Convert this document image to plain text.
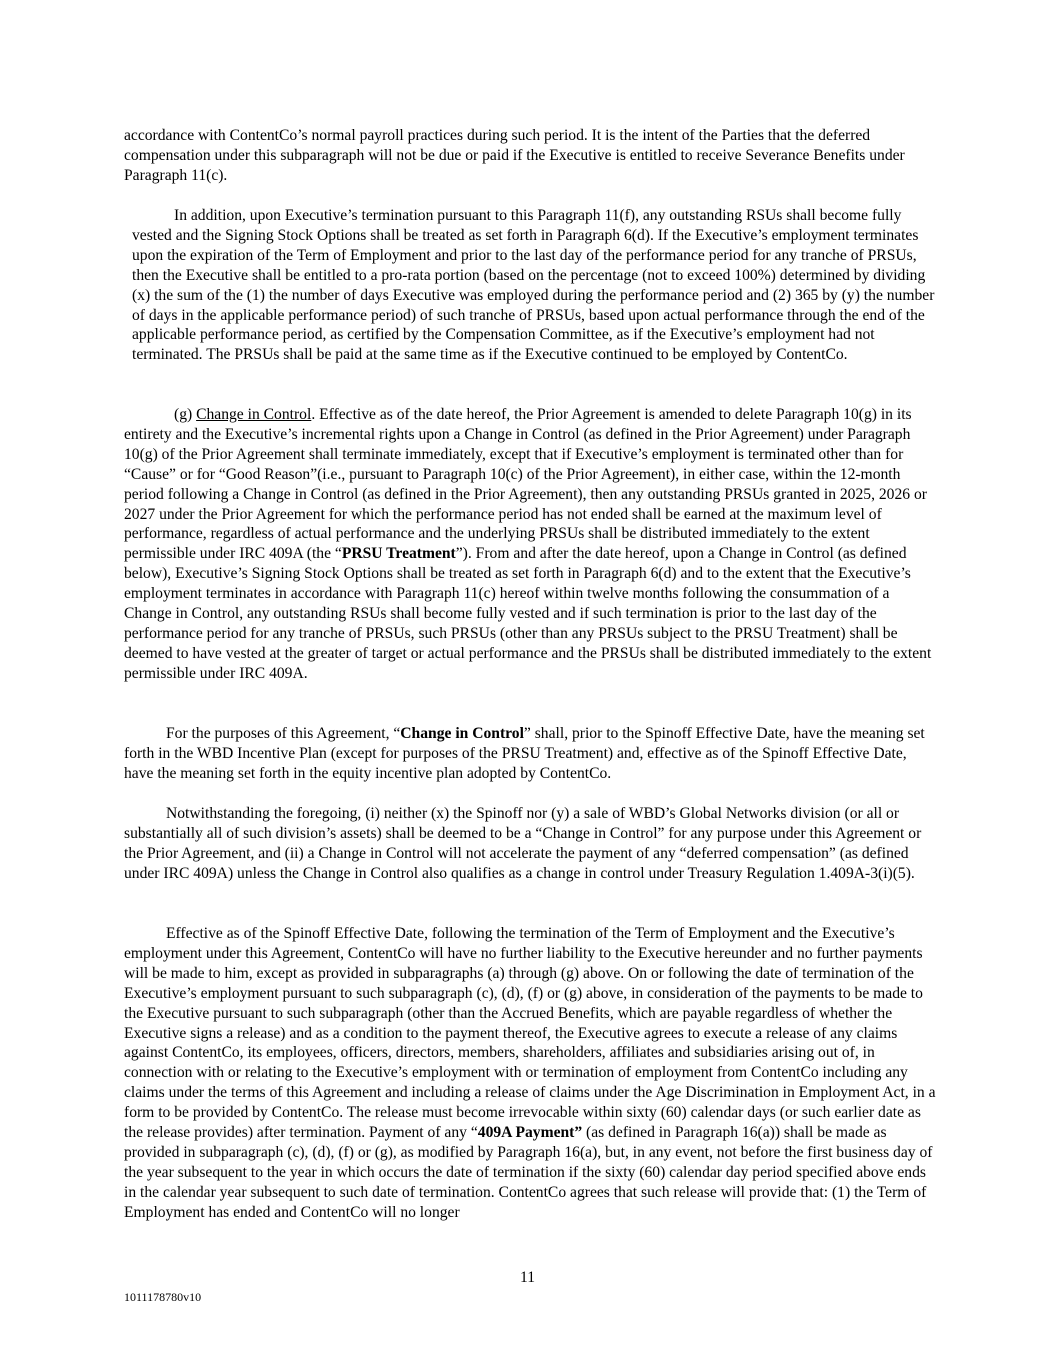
accordance with ContentCo’s normal payroll practices during such period. It is the intent of the Parties that the deferred compensation under this subparagraph will not be due or paid if the Executive is entitled to receive Severance Benefits under Paragraph 11(c).

In addition, upon Executive’s termination pursuant to this Paragraph 11(f), any outstanding RSUs shall become fully vested and the Signing Stock Options shall be treated as set forth in Paragraph 6(d). If the Executive’s employment terminates upon the expiration of the Term of Employment and prior to the last day of the performance period for any tranche of PRSUs, then the Executive shall be entitled to a pro-rata portion (based on the percentage (not to exceed 100%) determined by dividing (x) the sum of the (1) the number of days Executive was employed during the performance period and (2) 365 by (y) the number of days in the applicable performance period) of such tranche of PRSUs, based upon actual performance through the end of the applicable performance period, as certified by the Compensation Committee, as if the Executive’s employment had not terminated. The PRSUs shall be paid at the same time as if the Executive continued to be employed by ContentCo.

(g) Change in Control. Effective as of the date hereof, the Prior Agreement is amended to delete Paragraph 10(g) in its entirety and the Executive’s incremental rights upon a Change in Control (as defined in the Prior Agreement) under Paragraph 10(g) of the Prior Agreement shall terminate immediately, except that if Executive’s employment is terminated other than for “Cause” or for “Good Reason”(i.e., pursuant to Paragraph 10(c) of the Prior Agreement), in either case, within the 12-month period following a Change in Control (as defined in the Prior Agreement), then any outstanding PRSUs granted in 2025, 2026 or 2027 under the Prior Agreement for which the performance period has not ended shall be earned at the maximum level of performance, regardless of actual performance and the underlying PRSUs shall be distributed immediately to the extent permissible under IRC 409A (the “PRSU Treatment”). From and after the date hereof, upon a Change in Control (as defined below), Executive’s Signing Stock Options shall be treated as set forth in Paragraph 6(d) and to the extent that the Executive’s employment terminates in accordance with Paragraph 11(c) hereof within twelve months following the consummation of a Change in Control, any outstanding RSUs shall become fully vested and if such termination is prior to the last day of the performance period for any tranche of PRSUs, such PRSUs (other than any PRSUs subject to the PRSU Treatment) shall be deemed to have vested at the greater of target or actual performance and the PRSUs shall be distributed immediately to the extent permissible under IRC 409A.

For the purposes of this Agreement, “Change in Control” shall, prior to the Spinoff Effective Date, have the meaning set forth in the WBD Incentive Plan (except for purposes of the PRSU Treatment) and, effective as of the Spinoff Effective Date, have the meaning set forth in the equity incentive plan adopted by ContentCo.

Notwithstanding the foregoing, (i) neither (x) the Spinoff nor (y) a sale of WBD’s Global Networks division (or all or substantially all of such division’s assets) shall be deemed to be a “Change in Control” for any purpose under this Agreement or the Prior Agreement, and (ii) a Change in Control will not accelerate the payment of any “deferred compensation” (as defined under IRC 409A) unless the Change in Control also qualifies as a change in control under Treasury Regulation 1.409A-3(i)(5).

Effective as of the Spinoff Effective Date, following the termination of the Term of Employment and the Executive’s employment under this Agreement, ContentCo will have no further liability to the Executive hereunder and no further payments will be made to him, except as provided in subparagraphs (a) through (g) above. On or following the date of termination of the Executive’s employment pursuant to such subparagraph (c), (d), (f) or (g) above, in consideration of the payments to be made to the Executive pursuant to such subparagraph (other than the Accrued Benefits, which are payable regardless of whether the Executive signs a release) and as a condition to the payment thereof, the Executive agrees to execute a release of any claims against ContentCo, its employees, officers, directors, members, shareholders, affiliates and subsidiaries arising out of, in connection with or relating to the Executive’s employment with or termination of employment from ContentCo including any claims under the terms of this Agreement and including a release of claims under the Age Discrimination in Employment Act, in a form to be provided by ContentCo. The release must become irrevocable within sixty (60) calendar days (or such earlier date as the release provides) after termination. Payment of any “409A Payment” (as defined in Paragraph 16(a)) shall be made as provided in subparagraph (c), (d), (f) or (g), as modified by Paragraph 16(a), but, in any event, not before the first business day of the year subsequent to the year in which occurs the date of termination if the sixty (60) calendar day period specified above ends in the calendar year subsequent to such date of termination. ContentCo agrees that such release will provide that: (1) the Term of Employment has ended and ContentCo will no longer

11
1011178780v10
